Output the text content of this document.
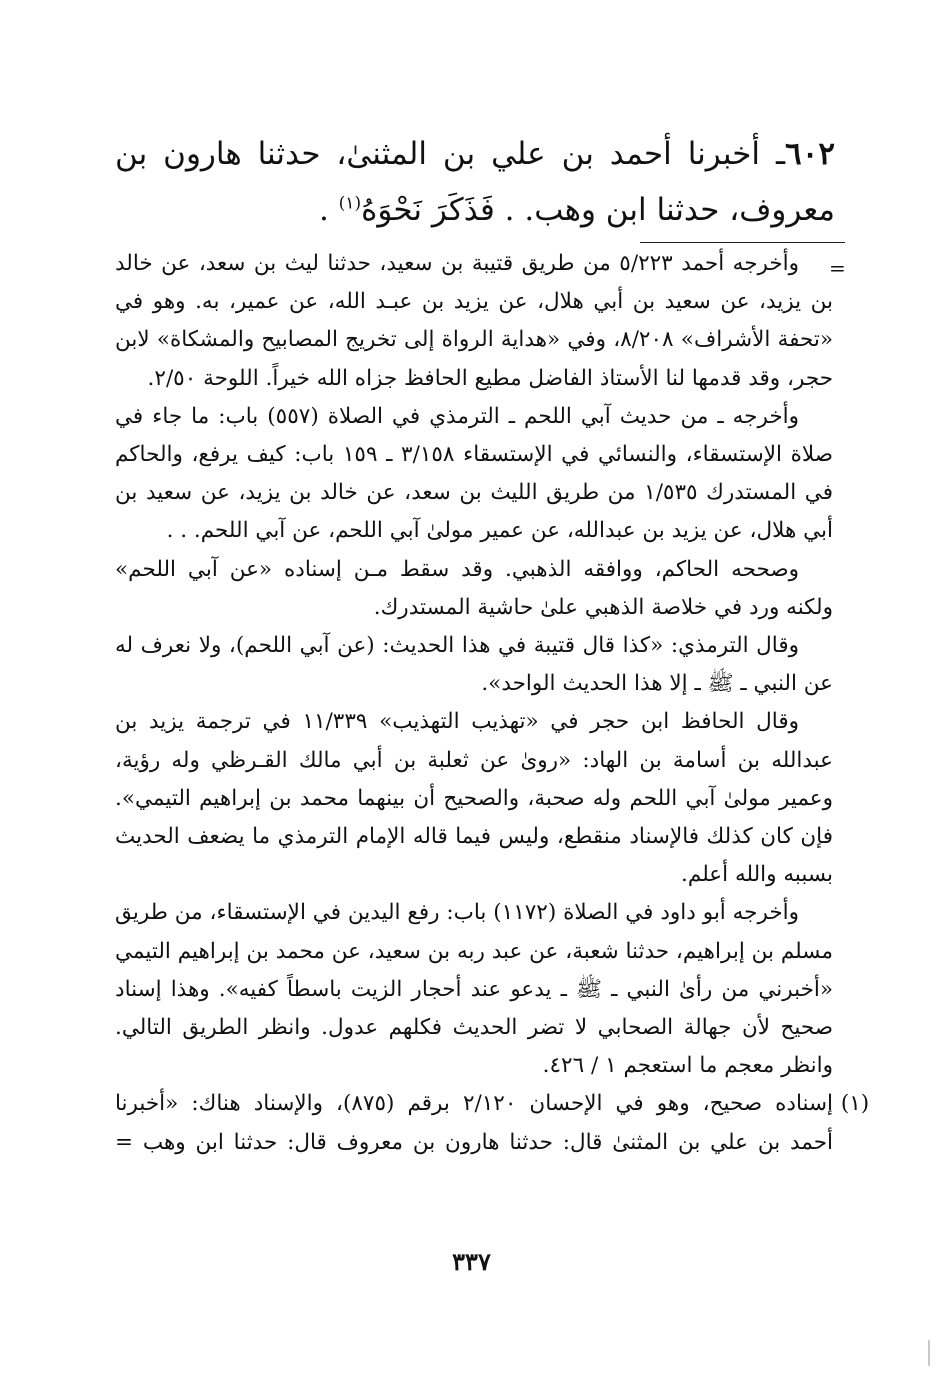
٦٠٢ـ أخبرنا أحمد بن علي بن المثنىٰ، حدثنا هارون بن معروف، حدثنا ابن وهب. . فَذَكَرَ نَحْوَهُ$^{(١)}$ .
=

وأخرجه أحمد ٥/٢٢٣ من طريق قتيبة بن سعيد، حدثنا ليث بن سعد، عن خالد بن يزيد، عن سعيد بن أبي هلال، عن يزيد بن عبـد الله، عن عمير، به. وهو في «تحفة الأشراف» ٨/٢٠٨، وفي «هداية الرواة إلى تخريج المصابيح والمشكاة» لابن حجر، وقد قدمها لنا الأستاذ الفاضل مطيع الحافظ جزاه الله خيراً. اللوحة ٢/٥٠.

وأخرجه ـ من حديث آبي اللحم ـ الترمذي في الصلاة (٥٥٧) باب: ما جاء في صلاة الإستسقاء، والنسائي في الإستسقاء ٣/١٥٨ ـ ١٥٩ باب: كيف يرفع، والحاكم في المستدرك ١/٥٣٥ من طريق الليث بن سعد، عن خالد بن يزيد، عن سعيد بن أبي هلال، عن يزيد بن عبدالله، عن عمير مولىٰ آبي اللحم، عن آبي اللحم. . .

وصححه الحاكم، ووافقه الذهبي. وقد سقط مـن إسناده «عن آبي اللحم» ولكنه ورد في خلاصة الذهبي علىٰ حاشية المستدرك.

وقال الترمذي: «كذا قال قتيبة في هذا الحديث: (عن آبي اللحم)، ولا نعرف له عن النبي ـ ﷺ ـ إلا هذا الحديث الواحد».

وقال الحافظ ابن حجر في «تهذيب التهذيب» ١١/٣٣٩ في ترجمة يزيد بن عبدالله بن أسامة بن الهاد: «روىٰ عن ثعلبة بن أبي مالك القـرظي وله رؤية، وعمير مولىٰ آبي اللحم وله صحبة، والصحيح أن بينهما محمد بن إبراهيم التيمي». فإن كان كذلك فالإسناد منقطع، وليس فيما قاله الإمام الترمذي ما يضعف الحديث بسببه والله أعلم.

وأخرجه أبو داود في الصلاة (١١٧٢) باب: رفع اليدين في الإستسقاء، من طريق مسلم بن إبراهيم، حدثنا شعبة، عن عبد ربه بن سعيد، عن محمد بن إبراهيم التيمي «أخبرني من رأىٰ النبي ـ ﷺ ـ يدعو عند أحجار الزيت باسطاً كفيه». وهذا إسناد صحيح لأن جهالة الصحابي لا تضر الحديث فكلهم عدول. وانظر الطريق التالي. وانظر معجم ما استعجم ١ / ٤٢٦.

(١)
إسناده صحيح، وهو في الإحسان ٢/١٢٠ برقم (٨٧٥)، والإسناد هناك: «أخبرنا
أحمد بن علي بن المثنىٰ قال: حدثنا هارون بن معروف قال: حدثنا ابن وهب =
٣٣٧
